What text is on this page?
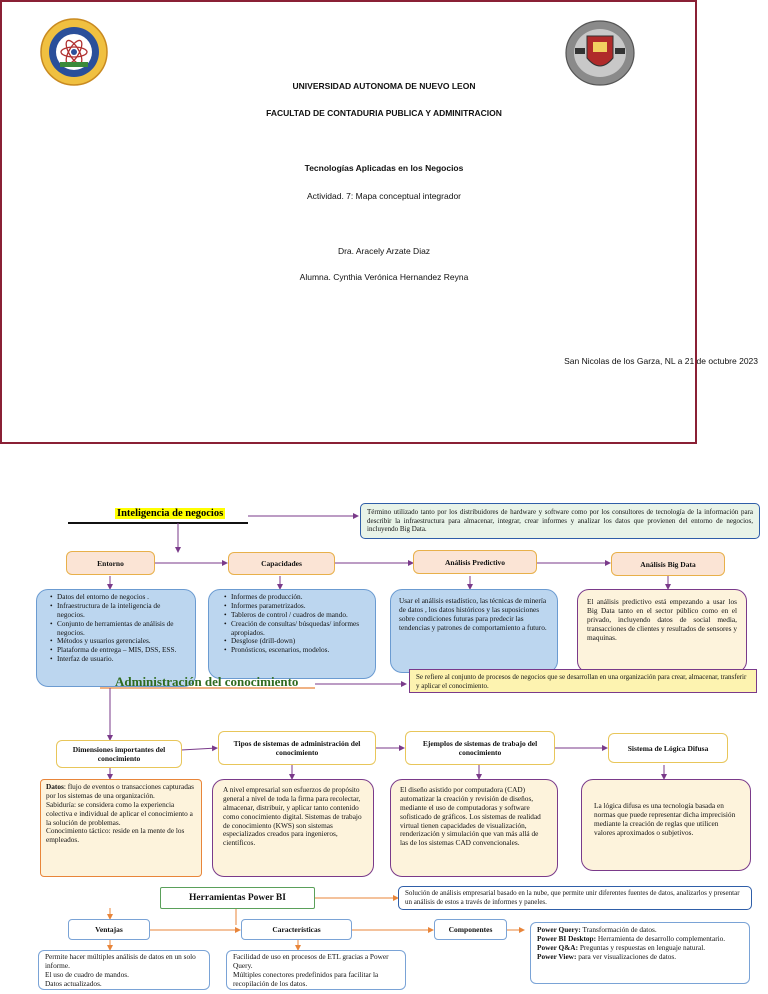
UNIVERSIDAD AUTONOMA DE NUEVO LEON
FACULTAD DE CONTADURIA PUBLICA Y ADMINITRACION
Tecnologías Aplicadas en los Negocios
Actividad. 7: Mapa conceptual integrador
Dra. Aracely Arzate Diaz
Alumna. Cynthia Verónica Hernandez Reyna
San Nicolas de los Garza, NL a 21 de octubre 2023
Inteligencia de negocios	Término utilizado tanto por los distribuidores de hardware y software como por los consultores de tecnología de la información para describir la infraestructura para almacenar, integrar, crear informes y analizar los datos que provienen del entorno de negocios, incluyendo Big Data.
Entorno	Capacidades	Análisis Predictivo	Análisis Big Data
• Datos del entorno de negocios .
• Infraestructura de la inteligencia de negocios.
• Conjunto de herramientas de análisis de negocios.
• Métodos y usuarios gerenciales.
• Plataforma de entrega – MIS, DSS, ESS.
• Interfaz de usuario.
• Informes de producción.
• Informes parametrizados.
• Tableros de control / cuadros de mando.
• Creación de consultas/ búsquedas/ informes apropiados.
• Desglose (drill-down)
• Pronósticos, escenarios, modelos.
Usar el análisis estadístico, las técnicas de minería de datos , los datos históricos y las suposiciones sobre condiciones futuras para predecir las tendencias y patrones de comportamiento a futuro.
El análisis predictivo está empezando a usar los Big Data tanto en el sector público como en el privado, incluyendo datos de social media, transacciones de clientes y resultados de sensores y maquinas.
Administración del conocimiento	Se refiere al conjunto de procesos de negocios que se desarrollan en una organización para crear, almacenar, transferir y aplicar el conocimiento.
Dimensiones importantes del conocimiento
Tipos de sistemas de administración del conocimiento
Ejemplos de sistemas de trabajo del conocimiento	Sistema de Lógica Difusa
Datos: flujo de eventos o transacciones capturadas por los sistemas de una organización.
Sabiduría: se considera como la experiencia colectiva e individual de aplicar el conocimiento a la solución de problemas.
Conocimiento táctico: reside en la mente de los empleados.
A nivel empresarial son esfuerzos de propósito general a nivel de toda la firma para recolectar, almacenar, distribuir, y aplicar tanto contenido como conocimiento digital. Sistemas de trabajo de conocimiento (KWS) son sistemas especializados creados para ingenieros, científicos.
El diseño asistido por computadora (CAD) automatizar la creación y revisión de diseños, mediante el uso de computadoras y software sofisticado de gráficos. Los sistemas de realidad virtual tienen capacidades de visualización, renderización y simulación que van más allá de las de los sistemas CAD convencionales.
La lógica difusa es una tecnología basada en normas que puede representar dicha imprecisión mediante la creación de reglas que utilicen valores aproximados o subjetivos.
Herramientas Power BI	Solución de análisis empresarial basado en la nube, que permite unir diferentes fuentes de datos, analizarlos y presentar un análisis de estos a través de informes y paneles.
Ventajas	Características	Componentes
Permite hacer múltiples análisis de datos en un solo informe.
El uso de cuadro de mandos.
Datos actualizados.
Facilidad de uso en procesos de ETL gracias a Power Query.
Múltiples conectores predefinidos para facilitar la recopilación de los datos.
Power Query: Transformación de datos.
Power BI Desktop: Herramienta de desarrollo complementario.
Power Q&A: Preguntas y respuestas en lenguaje natural.
Power View: para ver visualizaciones de datos.
